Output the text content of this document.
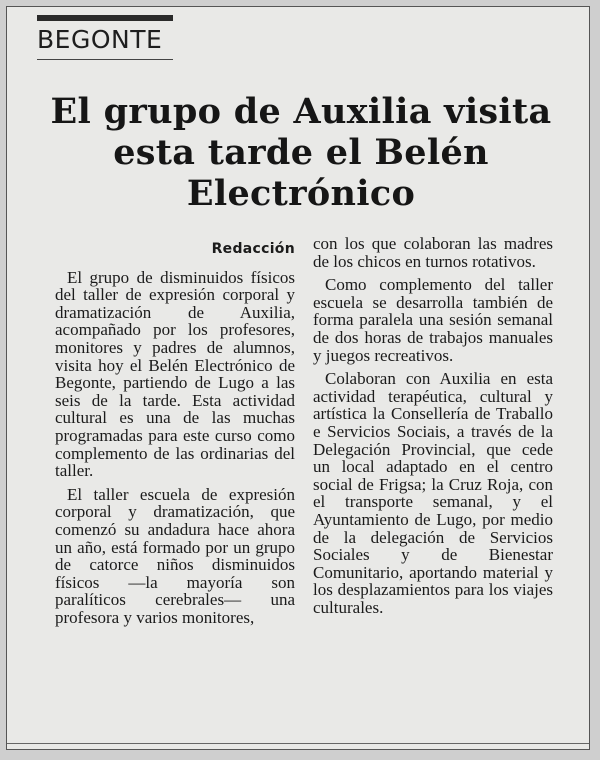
BEGONTE
El grupo de Auxilia visita esta tarde el Belén Electrónico
Redacción

El grupo de disminuidos físicos del taller de expresión corporal y dramatización de Auxilia, acompañado por los profesores, monitores y padres de alumnos, visita hoy el Belén Electrónico de Begonte, partiendo de Lugo a las seis de la tarde. Esta actividad cultural es una de las muchas programadas para este curso como complemento de las ordinarias del taller.

El taller escuela de expresión corporal y dramatización, que comenzó su andadura hace ahora un año, está formado por un grupo de catorce niños disminuidos físicos —la mayoría son paralíticos cerebrales— una profesora y varios monitores,

con los que colaboran las madres de los chicos en turnos rotativos.

Como complemento del taller escuela se desarrolla también de forma paralela una sesión semanal de dos horas de trabajos manuales y juegos recreativos.

Colaboran con Auxilia en esta actividad terapéutica, cultural y artística la Consellería de Traballo e Servicios Sociais, a través de la Delegación Provincial, que cede un local adaptado en el centro social de Frigsa; la Cruz Roja, con el transporte semanal, y el Ayuntamiento de Lugo, por medio de la delegación de Servicios Sociales y de Bienestar Comunitario, aportando material y los desplazamientos para los viajes culturales.
